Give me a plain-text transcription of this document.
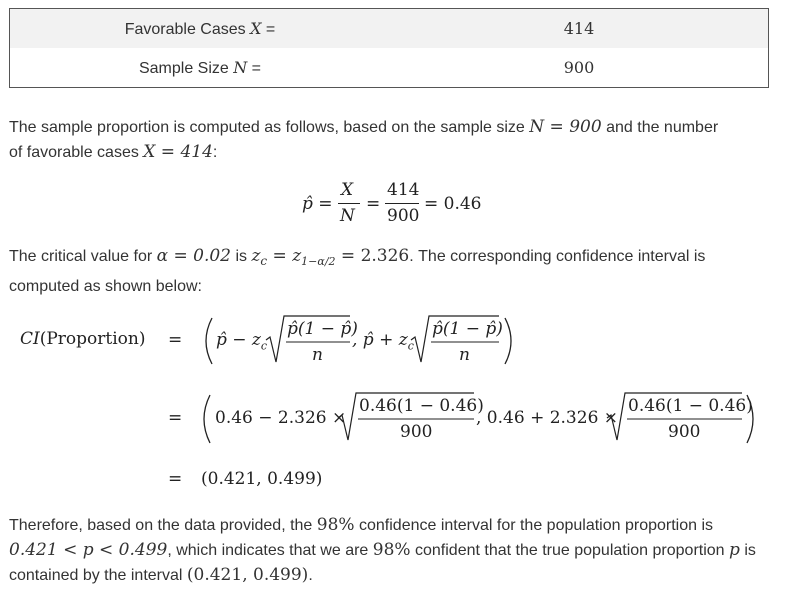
Favorable Cases X =	414
Sample Size N =	900
The sample proportion is computed as follows, based on the sample size N = 900 and the number
of favorable cases X = 414:
p̂ =
X
N
=
414
900
= 0.46
The critical value for α = 0.02 is $z_c = z_{1-\alpha/2} = 2.326$. The corresponding confidence interval is
computed as shown below:
CI(Proportion) = p̂ − $z_c$
p̂(1 − p̂)
n
, p̂ + $z_c$
p̂(1 − p̂)
n
= 0.46 − 2.326 ×
0.46(1 − 0.46)
900
, 0.46 + 2.326 ×
0.46(1 − 0.46)
900
= (0.421, 0.499)
Therefore, based on the data provided, the 98% confidence interval for the population proportion is
0.421 < p < 0.499, which indicates that we are 98% confident that the true population proportion p is
contained by the interval (0.421, 0.499).
